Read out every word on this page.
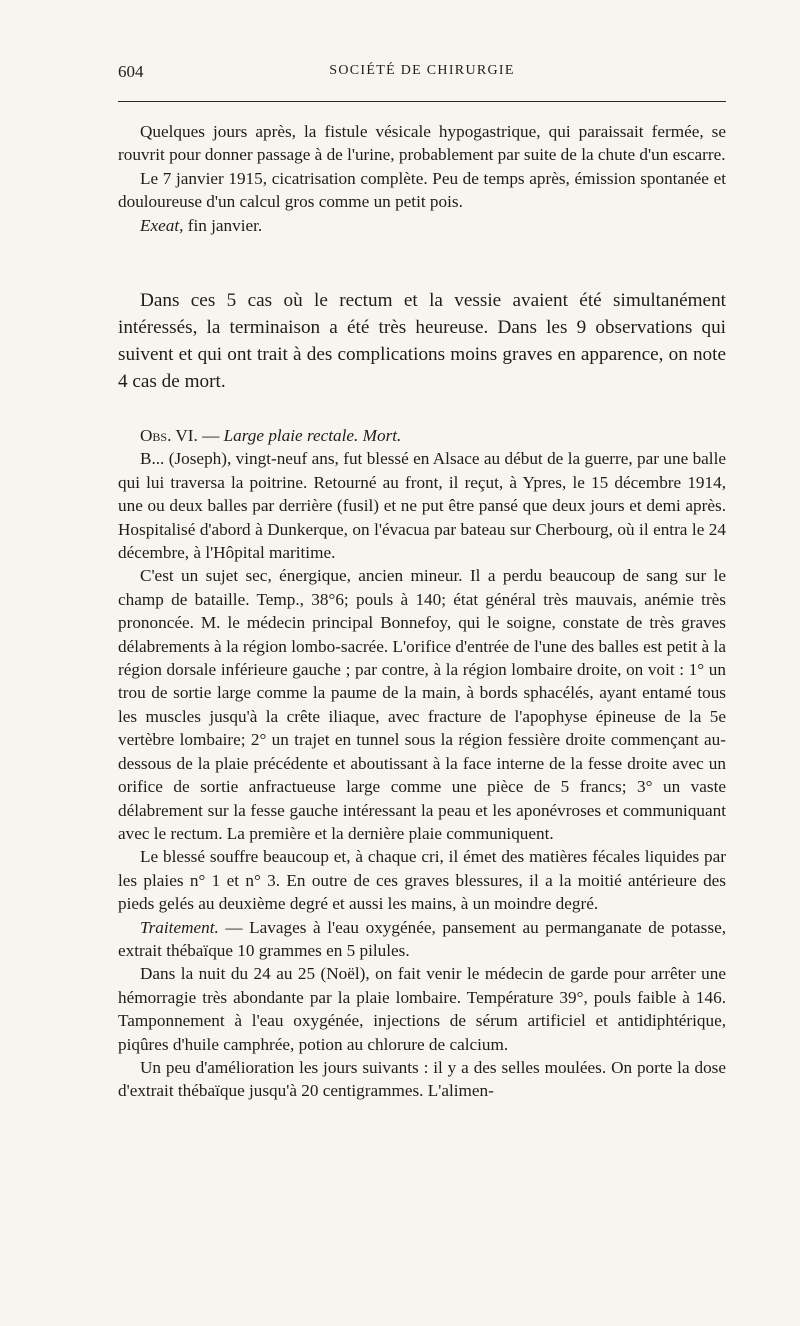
604	SOCIÉTÉ DE CHIRURGIE

Quelques jours après, la fistule vésicale hypogastrique, qui paraissait fermée, se rouvrit pour donner passage à de l'urine, probablement par suite de la chute d'un escarre.

Le 7 janvier 1915, cicatrisation complète. Peu de temps après, émission spontanée et douloureuse d'un calcul gros comme un petit pois.

Exeat, fin janvier.

Dans ces 5 cas où le rectum et la vessie avaient été simultanément intéressés, la terminaison a été très heureuse. Dans les 9 observations qui suivent et qui ont trait à des complications moins graves en apparence, on note 4 cas de mort.

Obs. VI. — Large plaie rectale. Mort.

B... (Joseph), vingt-neuf ans, fut blessé en Alsace au début de la guerre, par une balle qui lui traversa la poitrine. Retourné au front, il reçut, à Ypres, le 15 décembre 1914, une ou deux balles par derrière (fusil) et ne put être pansé que deux jours et demi après. Hospitalisé d'abord à Dunkerque, on l'évacua par bateau sur Cherbourg, où il entra le 24 décembre, à l'Hôpital maritime.

C'est un sujet sec, énergique, ancien mineur. Il a perdu beaucoup de sang sur le champ de bataille. Temp., 38°6; pouls à 140; état général très mauvais, anémie très prononcée. M. le médecin principal Bonnefoy, qui le soigne, constate de très graves délabrements à la région lombo-sacrée. L'orifice d'entrée de l'une des balles est petit à la région dorsale inférieure gauche ; par contre, à la région lombaire droite, on voit : 1° un trou de sortie large comme la paume de la main, à bords sphacélés, ayant entamé tous les muscles jusqu'à la crête iliaque, avec fracture de l'apophyse épineuse de la 5e vertèbre lombaire; 2° un trajet en tunnel sous la région fessière droite commençant au-dessous de la plaie précédente et aboutissant à la face interne de la fesse droite avec un orifice de sortie anfractueuse large comme une pièce de 5 francs; 3° un vaste délabrement sur la fesse gauche intéressant la peau et les aponévroses et communiquant avec le rectum. La première et la dernière plaie communiquent.

Le blessé souffre beaucoup et, à chaque cri, il émet des matières fécales liquides par les plaies n° 1 et n° 3. En outre de ces graves blessures, il a la moitié antérieure des pieds gelés au deuxième degré et aussi les mains, à un moindre degré.

Traitement. — Lavages à l'eau oxygénée, pansement au permanganate de potasse, extrait thébaïque 10 grammes en 5 pilules.

Dans la nuit du 24 au 25 (Noël), on fait venir le médecin de garde pour arrêter une hémorragie très abondante par la plaie lombaire. Température 39°, pouls faible à 146. Tamponnement à l'eau oxygénée, injections de sérum artificiel et antidiphtérique, piqûres d'huile camphrée, potion au chlorure de calcium.

Un peu d'amélioration les jours suivants : il y a des selles moulées. On porte la dose d'extrait thébaïque jusqu'à 20 centigrammes. L'alimen-
